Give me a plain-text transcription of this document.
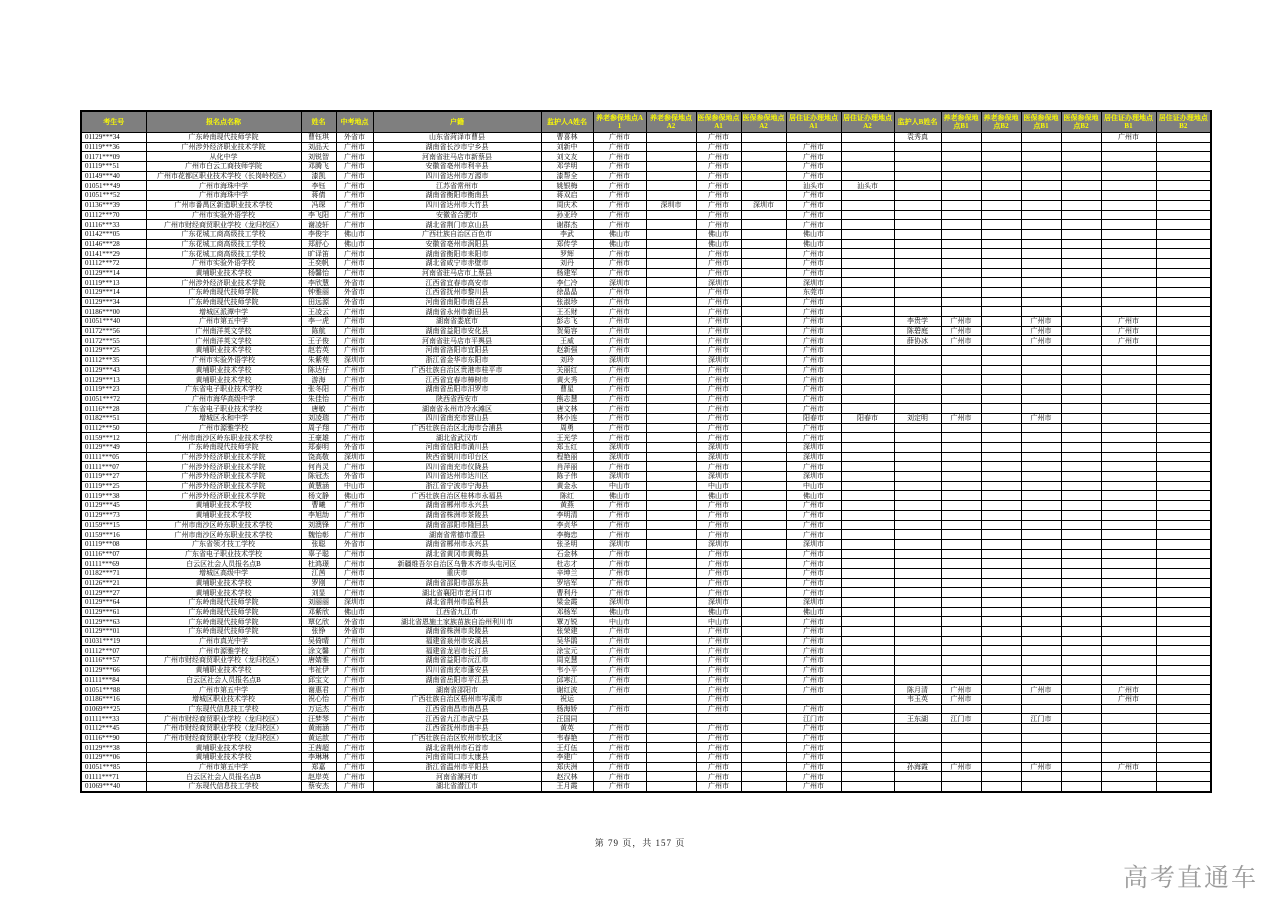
考生号	报名点名称	姓名	中考地点	户籍	监护人A姓名	养老参保地点A1	养老参保地点A2	医保参保地点A1	医保参保地点A2	居住证办理地点A1	居住证办理地点A2	监护人B姓名	养老参保地点B1	养老参保地点B2	医保参保地点B1	医保参保地点B2	居住证办理地点B1	居住证办理地点B2
01129***34	广东岭南现代技师学院	曹钰琪	外省市	山东省菏泽市曹县	曹喜林	广州市		广州市				袁秀真					广州市	
01119***36	广州涉外经济职业技术学院	刘品天	广州市	湖南省长沙市宁乡县	刘新中	广州市		广州市		广州市								
01171***09	从化中学	刘锐智	广州市	河南省驻马店市新蔡县	刘文友	广州市		广州市		广州市								
01119***51	广州市白云工商技师学院	邓腾飞	广州市	安徽省亳州市利辛县	邓学明	广州市		广州市		广州市								
01149***40	广州市花都区职业技术学校（长岗岭校区）	漆凯	广州市	四川省达州市万源市	漆帮全	广州市		广州市		广州市								
01051***49	广州市海珠中学	李钰	广州市	江苏省常州市	姚银梅	广州市		广州市		汕头市	汕头市							
01051***52	广州市海珠中学	蒋倩	广州市	湖南省衡阳市衡南县	蒋双启	广州市		广州市		广州市								
01136***39	广州市番禺区新造职业技术学校	冯琛	广州市	四川省达州市大竹县	周庆术	广州市	深圳市	广州市	深圳市	广州市								
01112***70	广州市实验外语学校	李飞阳	广州市	安徽省合肥市	孙亚玲	广州市		广州市		广州市								
01116***33	广州市财经商贸职业学校（龙归校区）	谢凌轩	广州市	湖北省荆门市京山县	谢群杰	广州市		广州市		广州市								
01142***05	广东花城工商高级技工学校	李俊宇	佛山市	广西壮族自治区百色市	李武	佛山市		佛山市		佛山市								
01146***28	广东花城工商高级技工学校	郑舒心	佛山市	安徽省亳州市涡阳县	郑传学	佛山市		佛山市		佛山市								
01141***29	广东花城工商高级技工学校	旷译笛	广州市	湖南省衡阳市耒阳市	罗辉	广州市		广州市		广州市								
01112***72	广州市实验外语学校	王奕帆	广州市	湖北省咸宁市赤壁市	刘丹	广州市		广州市		广州市								
01129***14	黄埔职业技术学校	杨馨怡	广州市	河南省驻马店市上蔡县	杨建军	广州市		广州市		广州市								
01119***13	广州涉外经济职业技术学院	李欣慧	外省市	江西省宜春市高安市	李仁冷	深圳市		深圳市		深圳市								
01129***14	广东岭南现代技师学院	钟雅丽	外省市	江西省抚州市黎川县	徐晶晶	广州市		广州市		东莞市								
01129***34	广东岭南现代技师学院	田远源	外省市	河南省南阳市南召县	张淑珍	广州市		广州市		广州市								
01186***00	增城区派潭中学	王凌云	广州市	湖南省永州市新田县	王丕财	广州市		广州市		广州市								
01051***40	广州市第五中学	李一虎	广州市	湖南省娄底市	彭志飞	广州市		广州市		广州市		李贵学	广州市		广州市		广州市	
01172***56	广州南洋英文学校	陈航	广州市	湖南省益阳市安化县	贺菊容	广州市		广州市		广州市		陈碧庭	广州市		广州市		广州市	
01172***55	广州南洋英文学校	王子俊	广州市	河南省驻马店市平舆县	王威	广州市		广州市		广州市		薛协冰	广州市		广州市		广州市	
01129***25	黄埔职业技术学校	赵若英	广州市	河南省洛阳市宜阳县	赵新强	广州市		广州市		广州市								
01112***35	广州市实验外语学校	朱紫苑	深圳市	浙江省金华市东阳市	刘玲	深圳市		深圳市		广州市								
01129***43	黄埔职业技术学校	陈达仔	广州市	广西壮族自治区贵港市桂平市	关丽红	广州市		广州市		广州市								
01129***13	黄埔职业技术学校	游海	广州市	江西省宜春市樟树市	黄火秀	广州市		广州市		广州市								
01119***23	广东省电子职业技术学校	张冬阳	广州市	湖南省岳阳市汨罗市	曹星	广州市		广州市		广州市								
01051***72	广州市海华高级中学	朱佳怡	广州市	陕西省西安市	熊志慧	广州市		广州市		广州市								
01116***28	广东省电子职业技术学校	唐敏	广州市	湖南省永州市冷水滩区	唐文林	广州市		广州市		广州市								
01182***51	增城区永和中学	刘凌瑞	广州市	四川省南充市营山县	林小连	广州市		广州市		阳春市	阳春市	刘定明	广州市		广州市			
01112***50	广州市源雅学校	周子翔	广州市	广西壮族自治区北海市合浦县	周勇	广州市		广州市		广州市								
01159***12	广州市南沙区岭东职业技术学校	王豪雄	广州市	湖北省武汉市	王光学	广州市		广州市		广州市								
01129***49	广东岭南现代技师学院	郑泰明	外省市	河南省信阳市潢川县	郑玉红	深圳市		深圳市		深圳市								
01111***05	广州涉外经济职业技术学院	饶高敬	深圳市	陕西省铜川市印台区	程艳丽	深圳市		深圳市		深圳市								
01111***07	广州涉外经济职业技术学院	何肖灵	广州市	四川省南充市仪陇县	肖萍丽	广州市		广州市		广州市								
01119***27	广州涉外经济职业技术学院	陈冠杰	外省市	四川省达州市达川区	陈子伟	深圳市		深圳市		深圳市								
01119***25	广州涉外经济职业技术学院	黄慧涵	中山市	浙江省宁波市宁海县	黄金永	中山市		中山市		中山市								
01119***38	广州涉外经济职业技术学院	杨文静	佛山市	广西壮族自治区桂林市永福县	陈红	佛山市		佛山市		佛山市								
01129***45	黄埔职业技术学校	曹曦	广州市	湖南省郴州市永兴县	黄燕	广州市		广州市		广州市								
01129***73	黄埔职业技术学校	李旭劼	广州市	湖南省株洲市茶陵县	李明清	广州市		广州市		广州市								
01159***15	广州市南沙区岭东职业技术学校	刘澳锋	广州市	湖南省邵阳市隆回县	李贞华	广州市		广州市		广州市								
01159***16	广州市南沙区岭东职业技术学校	魏怡彰	广州市	湖南省常德市澧县	李梅忠	广州市		广州市		广州市								
01119***08	广东省领才技工学校	张聪	外省市	湖南省郴州市永兴县	张圣明	深圳市		深圳市		深圳市								
01116***07	广东省电子职业技术学校	辜子聪	广州市	湖北省黄冈市黄梅县	石金林	广州市		广州市		广州市								
01111***69	白云区社会人员报名点B	杜鸿璟	广州市	新疆维吾尔自治区乌鲁木齐市头屯河区	杜志才	广州市		广州市		广州市								
01182***71	增城区高级中学	江茜	广州市	重庆市	辛坤兰	广州市		广州市		广州市								
01126***21	黄埔职业技术学校	罗刚	广州市	湖南省邵阳市邵东县	罗培军	广州市		广州市		广州市								
01129***27	黄埔职业技术学校	刘显	广州市	湖北省襄阳市老河口市	曹利丹	广州市		广州市		广州市								
01129***64	广东岭南现代技师学院	刘丽丽	深圳市	湖北省荆州市监利县	梁金霞	深圳市		深圳市		深圳市								
01129***61	广东岭南现代技师学院	邓紫欣	佛山市	江西省九江市	邓杨军	佛山市		佛山市		佛山市								
01129***63	广东岭南现代技师学院	覃亿欣	外省市	湖北省恩施土家族苗族自治州利川市	覃万锐	中山市		中山市		广州市								
01129***01	广东岭南现代技师学院	张铮	外省市	湖南省株洲市炎陵县	张荣建	广州市		广州市		广州市								
01031***19	广州市真光中学	吴倚晴	广州市	福建省泉州市安溪县	吴华鹃	广州市		广州市		广州市								
01112***07	广州市源雅学校	涂文馨	广州市	福建省龙岩市长汀县	涂宝元	广州市		广州市		广州市								
01116***57	广州市财经商贸职业学校（龙归校区）	唐婧雅	广州市	湖南省益阳市沅江市	周克慧	广州市		广州市		广州市								
01129***66	黄埔职业技术学校	韦祉伊	广州市	四川省南充市蓬安县	韦小平	广州市		广州市		广州市								
01111***84	白云区社会人员报名点B	邱宝文	广州市	湖南省岳阳市平江县	邱寒江	广州市		广州市		广州市								
01051***88	广州市第五中学	谢惠君	广州市	湖南省邵阳市	谢红波	广州市		广州市		广州市		陈月清	广州市		广州市		广州市	
01186***16	增城区职业技术学校	祝心怡	广州市	广西壮族自治区梧州市岑溪市	祝运			广州市				韦玉英	广州市				广州市	
01069***25	广东现代信息技工学校	万运杰	广州市	江西省南昌市南昌县	杨海娇	广州市		广州市		广州市								
01111***33	广州市财经商贸职业学校（龙归校区）	汪梦琴	广州市	江西省九江市武宁县	汪国同					江门市		王东湖	江门市		江门市			
01112***45	广州市财经商贸职业学校（龙归校区）	黄雨涵	广州市	江西省抚州市南丰县	黄英	广州市		广州市		广州市								
01116***90	广州市财经商贸职业学校（龙归校区）	黄运歆	广州市	广西壮族自治区钦州市钦北区	韦春艳	广州市		广州市		广州市								
01129***38	黄埔职业技术学校	王茜超	广州市	湖北省荆州市石首市	王灯伍	广州市		广州市		广州市								
01129***06	黄埔职业技术学校	李琳琳	广州市	河南省周口市太康县	李建广	广州市		广州市		广州市								
01051***85	广州市第五中学	郑嘉	广州市	浙江省温州市平阳县	郑庆洲	广州市		广州市		广州市		孙海霞	广州市		广州市		广州市	
01111***71	白云区社会人员报名点B	赵岸英	广州市	河南省漯河市	赵汉林	广州市		广州市		广州市								
01069***40	广东现代信息技工学校	蔡安杰	广州市	湖北省潜江市	王月霞	广州市		广州市		广州市								
第 79 页，共 157 页
高考直通车
